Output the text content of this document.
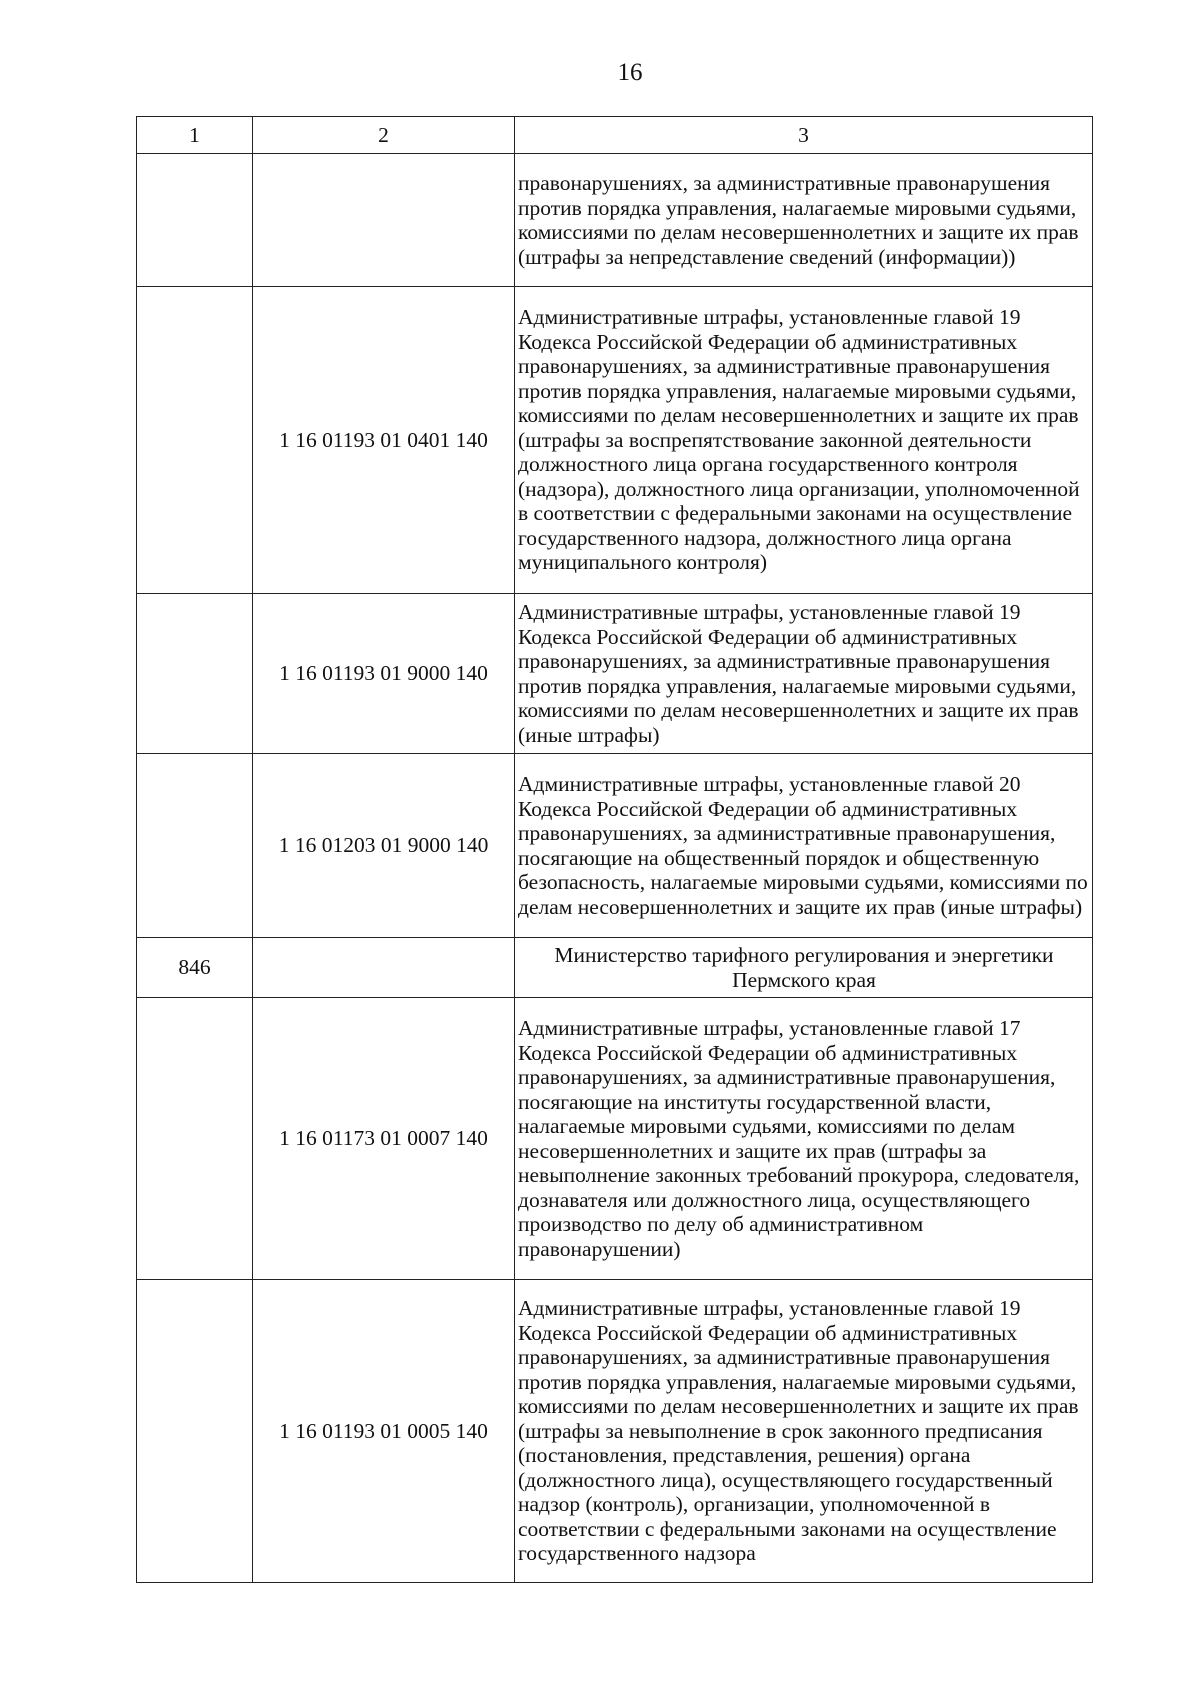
16
1	2	3
		правонарушениях, за административные правонарушения против порядка управления, налагаемые мировыми судьями, комиссиями по делам несовершеннолетних и защите их прав (штрафы за непредставление сведений (информации))
	1 16 01193 01 0401 140	Административные штрафы, установленные главой 19 Кодекса Российской Федерации об административных правонарушениях, за административные правонарушения против порядка управления, налагаемые мировыми судьями, комиссиями по делам несовершеннолетних и защите их прав (штрафы за воспрепятствование законной деятельности должностного лица органа государственного контроля (надзора), должностного лица организации, уполномоченной в соответствии с федеральными законами на осуществление государственного надзора, должностного лица органа муниципального контроля)
	1 16 01193 01 9000 140	Административные штрафы, установленные главой 19 Кодекса Российской Федерации об административных правонарушениях, за административные правонарушения против порядка управления, налагаемые мировыми судьями, комиссиями по делам несовершеннолетних и защите их прав (иные штрафы)
	1 16 01203 01 9000 140	Административные штрафы, установленные главой 20 Кодекса Российской Федерации об административных правонарушениях, за административные правонарушения, посягающие на общественный порядок и общественную безопасность, налагаемые мировыми судьями, комиссиями по делам несовершеннолетних и защите их прав (иные штрафы)
846		Министерство тарифного регулирования и энергетики Пермского края
	1 16 01173 01 0007 140	Административные штрафы, установленные главой 17 Кодекса Российской Федерации об административных правонарушениях, за административные правонарушения, посягающие на институты государственной власти, налагаемые мировыми судьями, комиссиями по делам несовершеннолетних и защите их прав (штрафы за невыполнение законных требований прокурора, следователя, дознавателя или должностного лица, осуществляющего производство по делу об административном правонарушении)
	1 16 01193 01 0005 140	Административные штрафы, установленные главой 19 Кодекса Российской Федерации об административных правонарушениях, за административные правонарушения против порядка управления, налагаемые мировыми судьями, комиссиями по делам несовершеннолетних и защите их прав (штрафы за невыполнение в срок законного предписания (постановления, представления, решения) органа (должностного лица), осуществляющего государственный надзор (контроль), организации, уполномоченной в соответствии с федеральными законами на осуществление государственного надзора
